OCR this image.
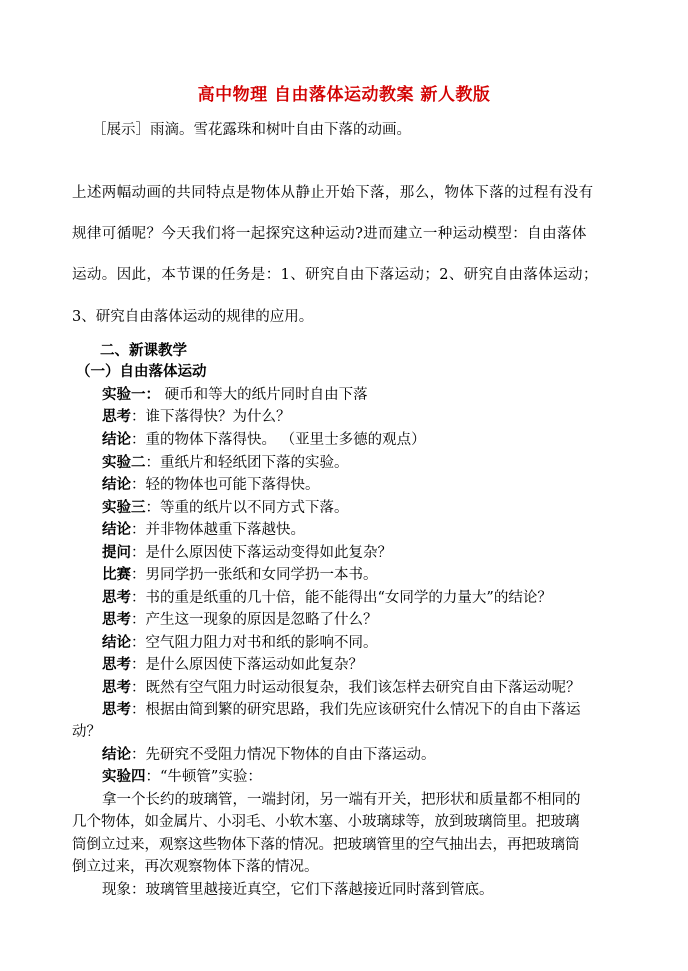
高中物理 自由落体运动教案 新人教版
［展示］雨滴。雪花露珠和树叶自由下落的动画。
上述两幅动画的共同特点是物体从静止开始下落，那么，物体下落的过程有没有
规律可循呢？今天我们将一起探究这种运动?进而建立一种运动模型：自由落体
运动。因此，本节课的任务是：1、研究自由下落运动；2、研究自由落体运动；
3、研究自由落体运动的规律的应用。
二、新课教学
（一）自由落体运动
实验一： 硬币和等大的纸片同时自由下落
思考：谁下落得快？为什么？
结论：重的物体下落得快。 （亚里士多德的观点）
实验二：重纸片和轻纸团下落的实验。
结论：轻的物体也可能下落得快。
实验三：等重的纸片以不同方式下落。
结论：并非物体越重下落越快。
提问：是什么原因使下落运动变得如此复杂？
比赛：男同学扔一张纸和女同学扔一本书。
思考：书的重是纸重的几十倍，能不能得出“女同学的力量大”的结论？
思考：产生这一现象的原因是忽略了什么？
结论：空气阻力阻力对书和纸的影响不同。
思考：是什么原因使下落运动如此复杂？
思考：既然有空气阻力时运动很复杂，我们该怎样去研究自由下落运动呢？
思考：根据由简到繁的研究思路，我们先应该研究什么情况下的自由下落运
动？
结论：先研究不受阻力情况下物体的自由下落运动。
实验四：“牛顿管”实验：
拿一个长约的玻璃管，一端封闭，另一端有开关，把形状和质量都不相同的
几个物体，如金属片、小羽毛、小软木塞、小玻璃球等，放到玻璃筒里。把玻璃
筒倒立过来，观察这些物体下落的情况。把玻璃管里的空气抽出去，再把玻璃筒
倒立过来，再次观察物体下落的情况。
现象：玻璃管里越接近真空，它们下落越接近同时落到管底。
